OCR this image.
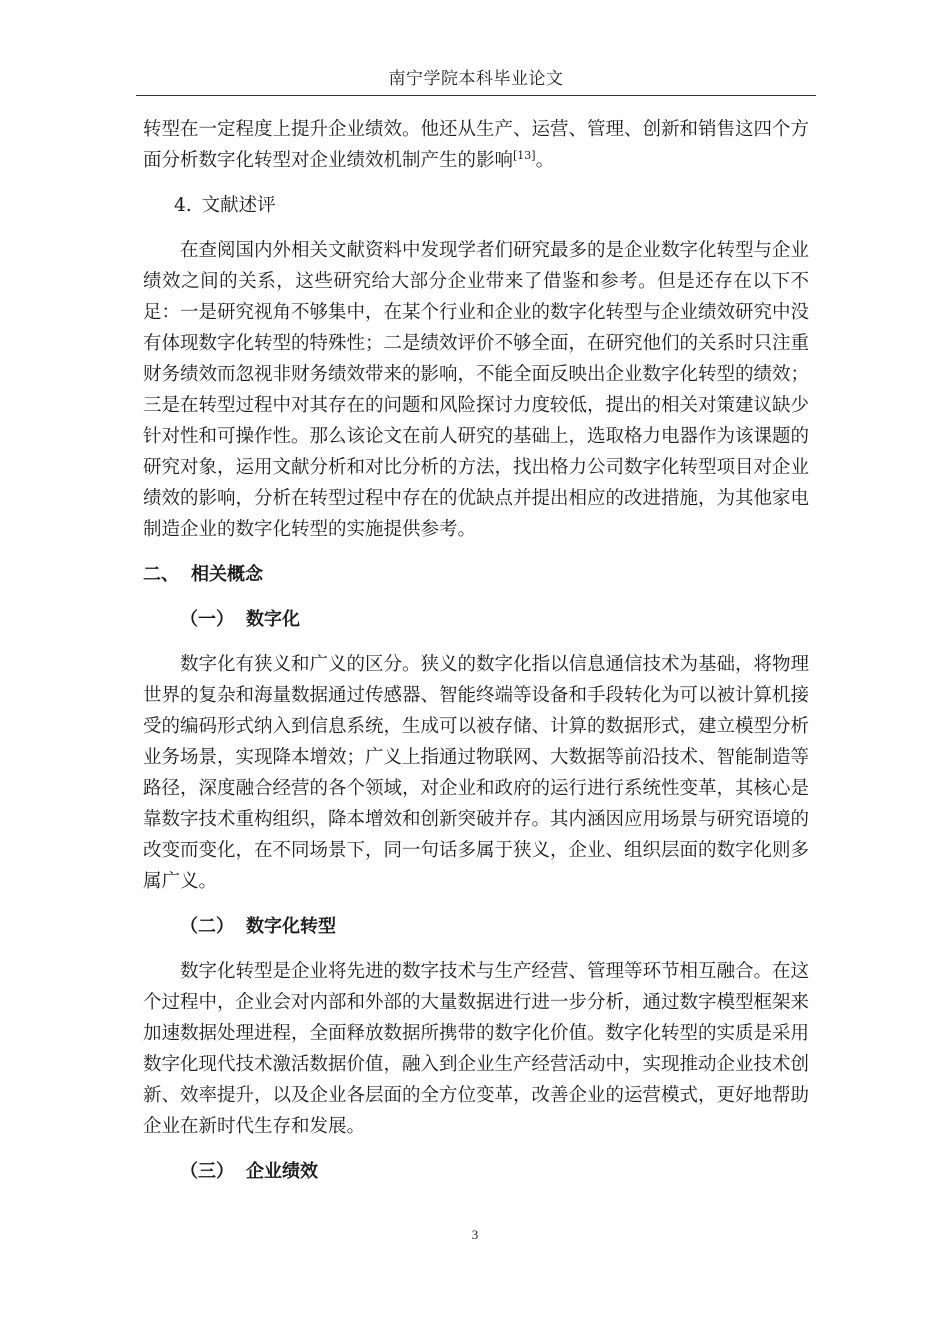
南宁学院本科毕业论文

转型在一定程度上提升企业绩效。他还从生产、运营、管理、创新和销售这四个方面分析数字化转型对企业绩效机制产生的影响[13]。

4. 文献述评

在查阅国内外相关文献资料中发现学者们研究最多的是企业数字化转型与企业绩效之间的关系，这些研究给大部分企业带来了借鉴和参考。但是还存在以下不足：一是研究视角不够集中，在某个行业和企业的数字化转型与企业绩效研究中没有体现数字化转型的特殊性；二是绩效评价不够全面，在研究他们的关系时只注重财务绩效而忽视非财务绩效带来的影响，不能全面反映出企业数字化转型的绩效；三是在转型过程中对其存在的问题和风险探讨力度较低，提出的相关对策建议缺少针对性和可操作性。那么该论文在前人研究的基础上，选取格力电器作为该课题的研究对象，运用文献分析和对比分析的方法，找出格力公司数字化转型项目对企业绩效的影响，分析在转型过程中存在的优缺点并提出相应的改进措施，为其他家电制造企业的数字化转型的实施提供参考。

二、 相关概念
（一） 数字化

数字化有狭义和广义的区分。狭义的数字化指以信息通信技术为基础，将物理世界的复杂和海量数据通过传感器、智能终端等设备和手段转化为可以被计算机接受的编码形式纳入到信息系统，生成可以被存储、计算的数据形式，建立模型分析业务场景，实现降本增效；广义上指通过物联网、大数据等前沿技术、智能制造等路径，深度融合经营的各个领域，对企业和政府的运行进行系统性变革，其核心是靠数字技术重构组织，降本增效和创新突破并存。其内涵因应用场景与研究语境的改变而变化，在不同场景下，同一句话多属于狭义，企业、组织层面的数字化则多属广义。

（二） 数字化转型

数字化转型是企业将先进的数字技术与生产经营、管理等环节相互融合。在这个过程中，企业会对内部和外部的大量数据进行进一步分析，通过数字模型框架来加速数据处理进程，全面释放数据所携带的数字化价值。数字化转型的实质是采用数字化现代技术激活数据价值，融入到企业生产经营活动中，实现推动企业技术创新、效率提升，以及企业各层面的全方位变革，改善企业的运营模式，更好地帮助企业在新时代生存和发展。

（三） 企业绩效
3
